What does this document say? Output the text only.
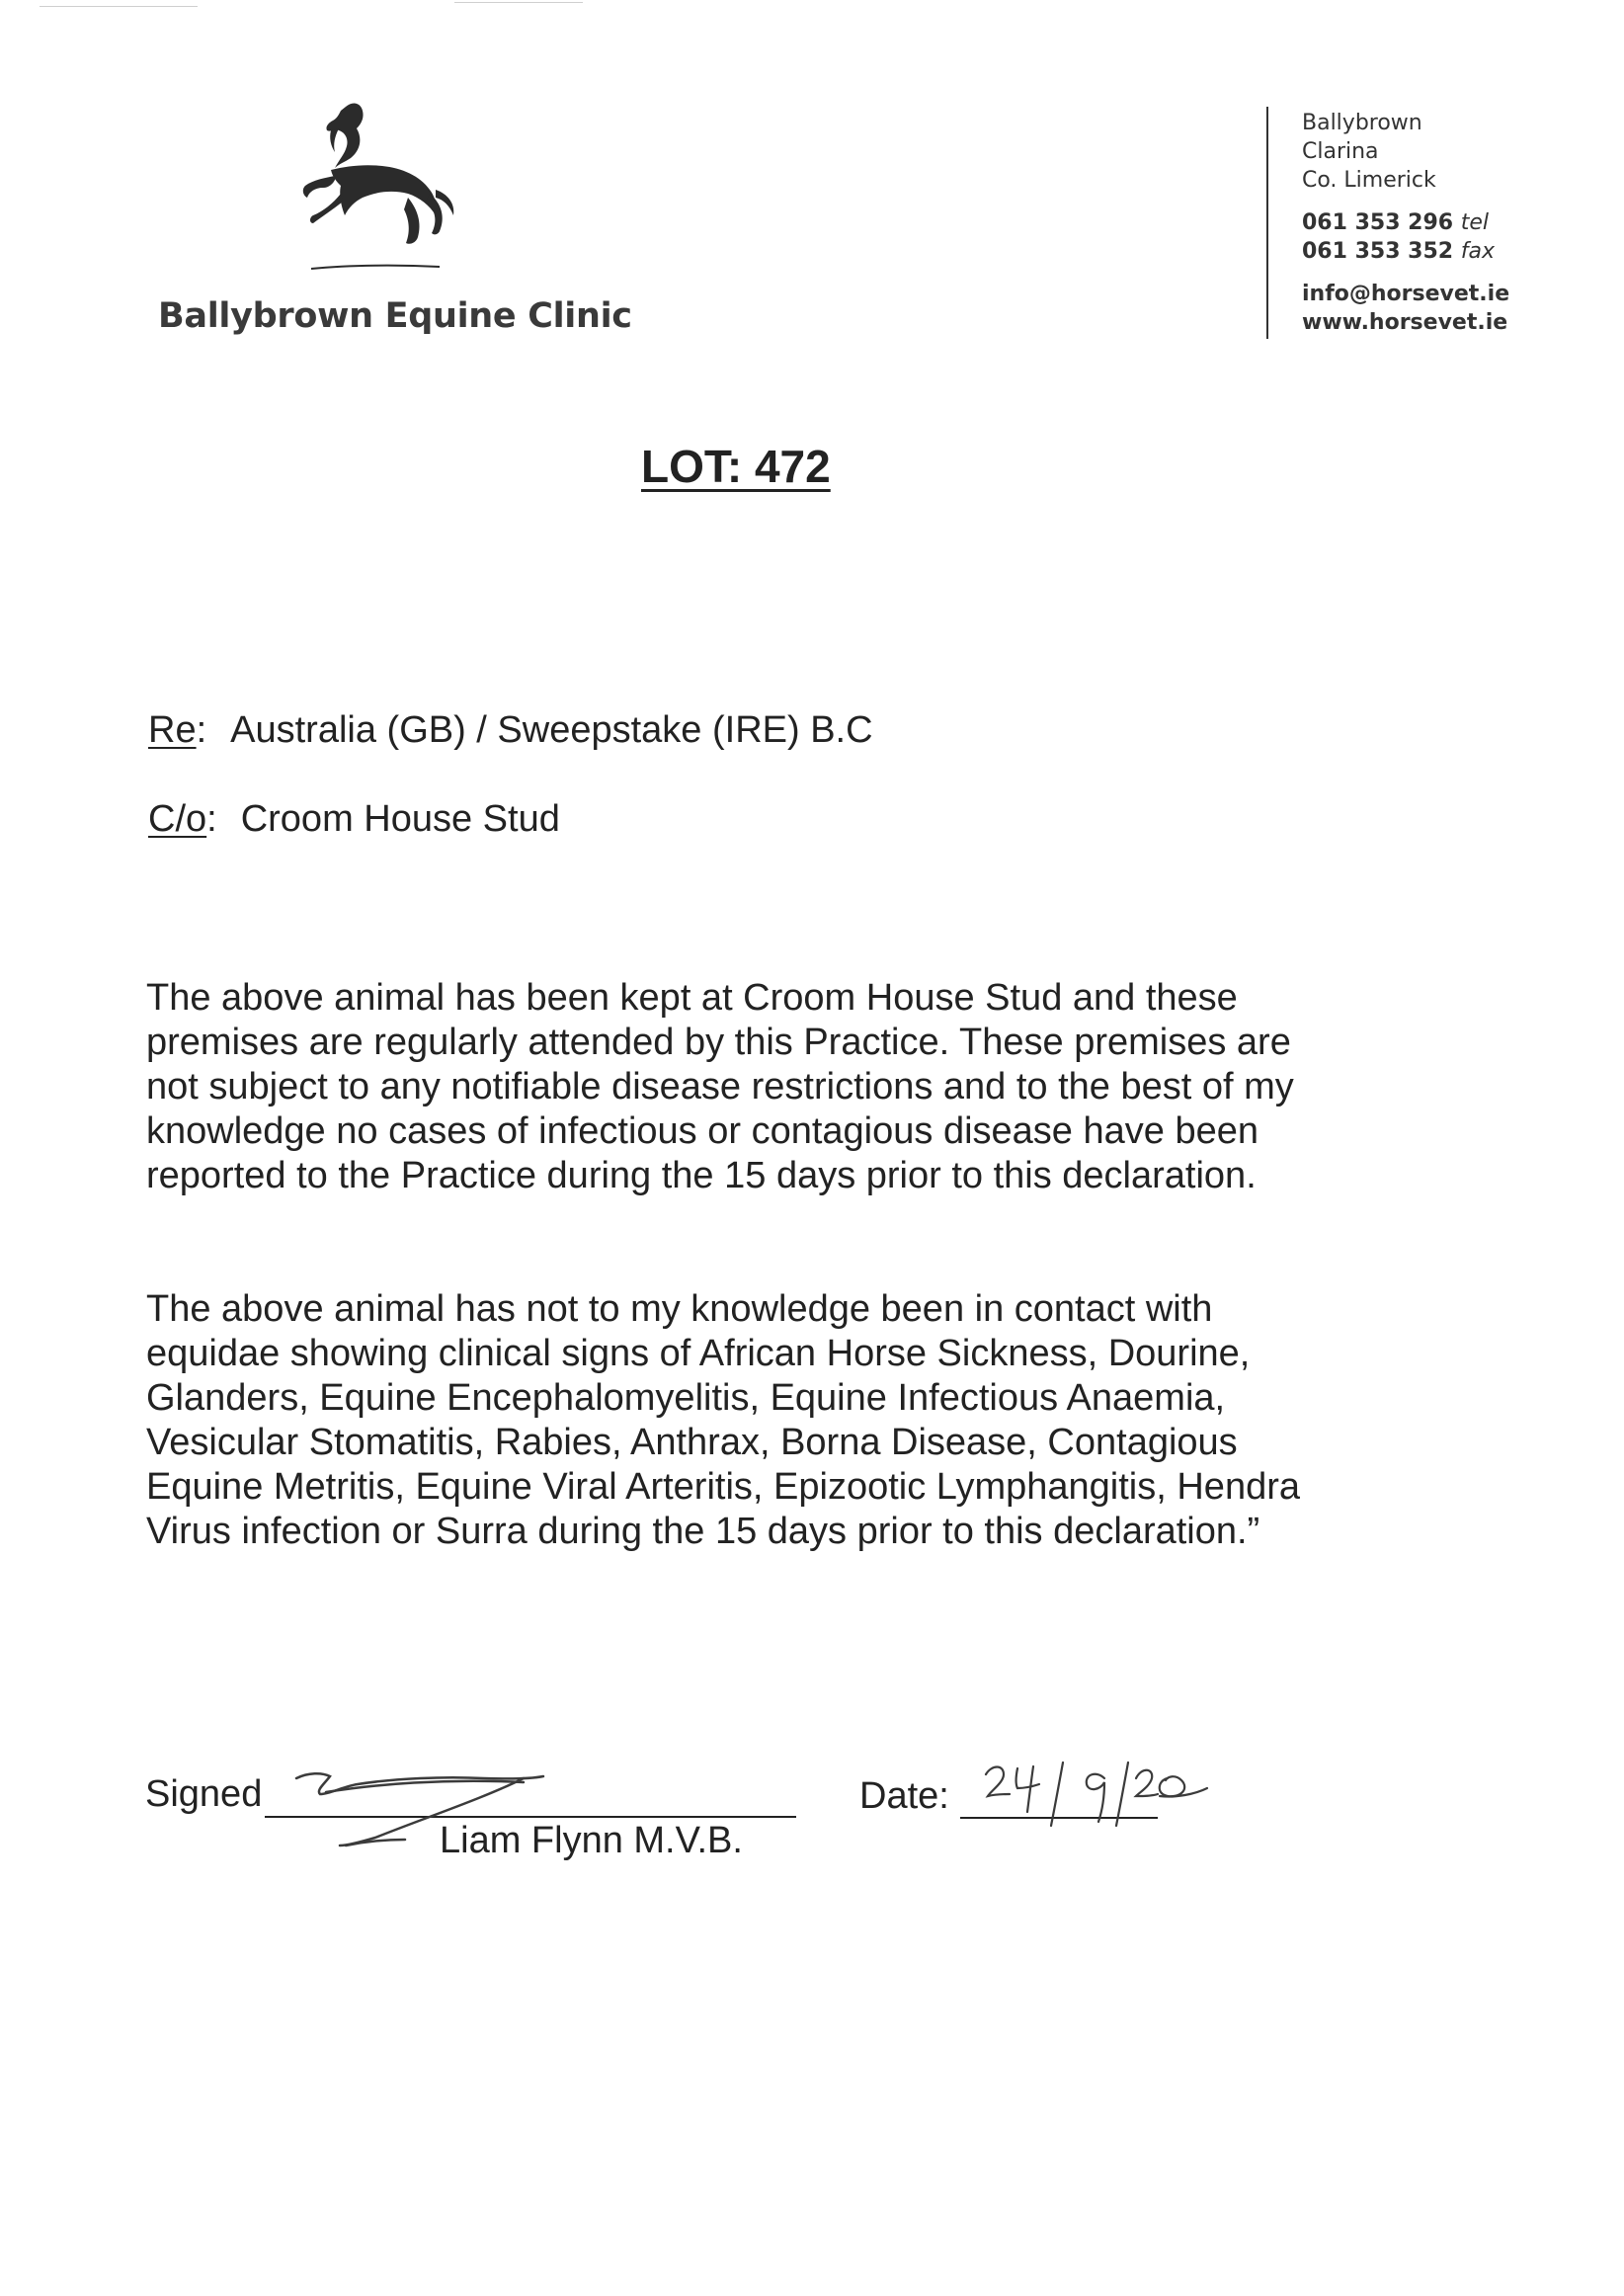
Ballybrown Equine Clinic
Ballybrown
Clarina
Co. Limerick
061 353 296 tel
061 353 352 fax
info@horsevet.ie
www.horsevet.ie
LOT: 472
Re: Australia (GB) / Sweepstake (IRE) B.C
C/o: Croom House Stud
The above animal has been kept at Croom House Stud and these premises are regularly attended by this Practice. These premises are not subject to any notifiable disease restrictions and to the best of my knowledge no cases of infectious or contagious disease have been reported to the Practice during the 15 days prior to this declaration.
The above animal has not to my knowledge been in contact with equidae showing clinical signs of African Horse Sickness, Dourine, Glanders, Equine Encephalomyelitis, Equine Infectious Anaemia, Vesicular Stomatitis, Rabies, Anthrax, Borna Disease, Contagious Equine Metritis, Equine Viral Arteritis, Epizootic Lymphangitis, Hendra Virus infection or Surra during the 15 days prior to this declaration.”
Signed
Liam Flynn M.V.B.
Date:
